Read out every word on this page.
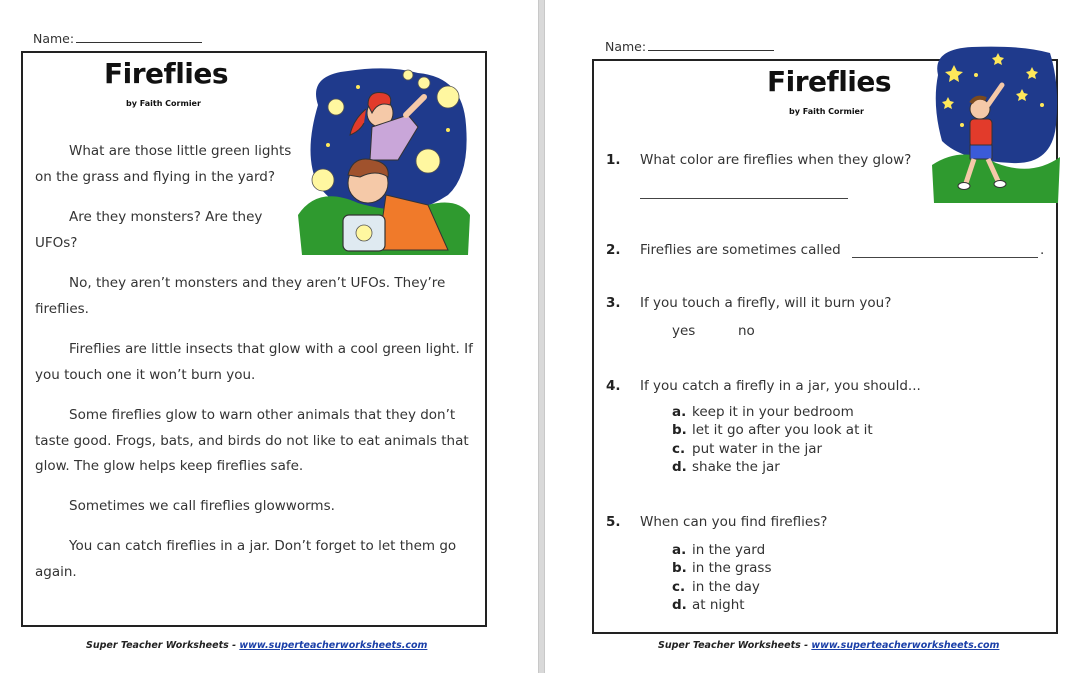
Name:
Fireflies
by Faith Cormier

What are those little green lights
on the grass and flying in the yard?

Are they monsters? Are they
UFOs?

No, they aren’t monsters and they aren’t UFOs. They’re
fireflies.

Fireflies are little insects that glow with a cool green light. If
you touch one it won’t burn you.

Some fireflies glow to warn other animals that they don’t
taste good. Frogs, bats, and birds do not like to eat animals that
glow. The glow helps keep fireflies safe.

Sometimes we call fireflies glowworms.

You can catch fireflies in a jar. Don’t forget to let them go
again.

Super Teacher Worksheets - www.superteacherworksheets.com
Name:
Fireflies
by Faith Cormier
1. What color are fireflies when they glow?
2. Fireflies are sometimes called	.
3. If you touch a firefly, will it burn you?
yes	no
4. If you catch a firefly in a jar, you should...
a. keep it in your bedroom
b. let it go after you look at it
c. put water in the jar
d. shake the jar
5. When can you find fireflies?
a. in the yard
b. in the grass
c. in the day
d. at night
Super Teacher Worksheets - www.superteacherworksheets.com
